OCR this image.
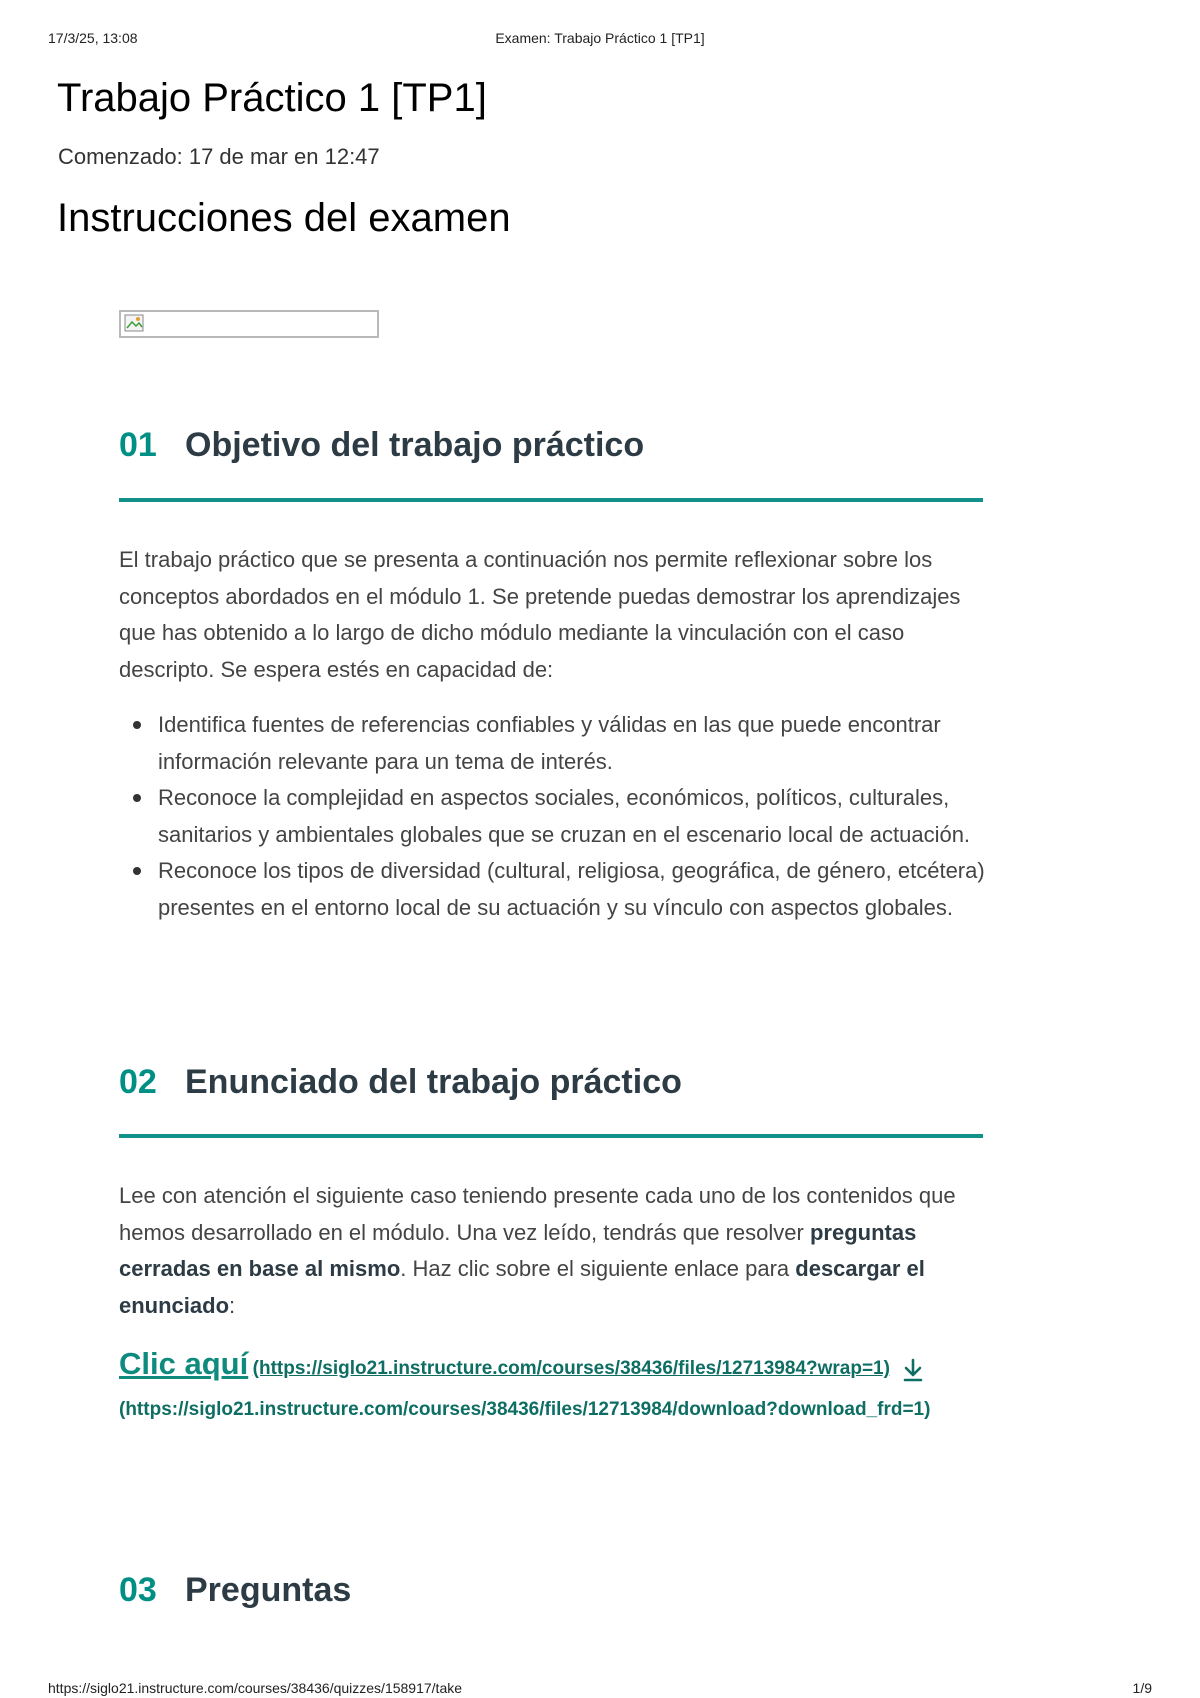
17/3/25, 13:08	Examen: Trabajo Práctico 1 [TP1]
Trabajo Práctico 1 [TP1]
Comenzado: 17 de mar en 12:47
Instrucciones del examen
01 Objetivo del trabajo práctico

El trabajo práctico que se presenta a continuación nos permite reflexionar sobre los conceptos abordados en el módulo 1. Se pretende puedas demostrar los aprendizajes que has obtenido a lo largo de dicho módulo mediante la vinculación con el caso descripto. Se espera estés en capacidad de:

Identifica fuentes de referencias confiables y válidas en las que puede encontrar información relevante para un tema de interés.
Reconoce la complejidad en aspectos sociales, económicos, políticos, culturales, sanitarios y ambientales globales que se cruzan en el escenario local de actuación.
Reconoce los tipos de diversidad (cultural, religiosa, geográfica, de género, etcétera) presentes en el entorno local de su actuación y su vínculo con aspectos globales.
02 Enunciado del trabajo práctico

Lee con atención el siguiente caso teniendo presente cada uno de los contenidos que hemos desarrollado en el módulo. Una vez leído, tendrás que resolver preguntas cerradas en base al mismo. Haz clic sobre el siguiente enlace para descargar el enunciado:

Clic aquí (https://siglo21.instructure.com/courses/38436/files/12713984?wrap=1)
(https://siglo21.instructure.com/courses/38436/files/12713984/download?download_frd=1)
03 Preguntas
https://siglo21.instructure.com/courses/38436/quizzes/158917/take	1/9
